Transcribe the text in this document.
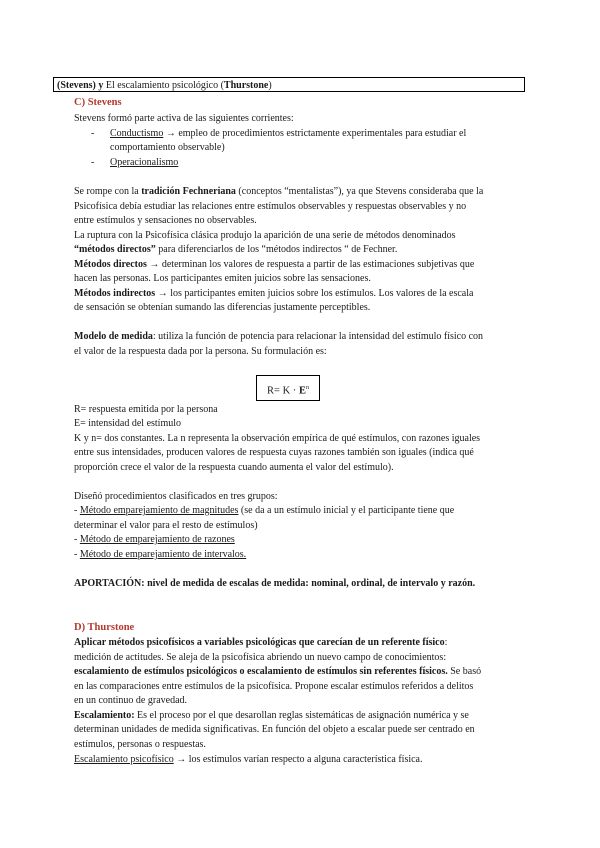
(Stevens) y El escalamiento psicológico (Thurstone)
C) Stevens
Stevens formó parte activa de las siguientes corrientes:
- Conductismo → empleo de procedimientos estrictamente experimentales para estudiar el
comportamiento observable)
- Operacionalismo
Se rompe con la tradición Fechneriana (conceptos “mentalistas”), ya que Stevens consideraba que la
Psicofísica debía estudiar las relaciones entre estímulos observables y respuestas observables y no
entre estímulos y sensaciones no observables.
La ruptura con la Psicofísica clásica produjo la aparición de una serie de métodos denominados
“métodos directos” para diferenciarlos de los “métodos indirectos “ de Fechner.
Métodos directos → determinan los valores de respuesta a partir de las estimaciones subjetivas que
hacen las personas. Los participantes emiten juicios sobre las sensaciones.
Métodos indirectos → los participantes emiten juicios sobre los estímulos. Los valores de la escala
de sensación se obtenían sumando las diferencias justamente perceptibles.
Modelo de medida: utiliza la función de potencia para relacionar la intensidad del estímulo físico con
el valor de la respuesta dada por la persona. Su formulación es:
$R= K \cdot E^n$
R= respuesta emitida por la persona
E= intensidad del estímulo
K y n= dos constantes. La n representa la observación empírica de qué estímulos, con razones iguales
entre sus intensidades, producen valores de respuesta cuyas razones también son iguales (indica qué
proporción crece el valor de la respuesta cuando aumenta el valor del estímulo).
Diseñó procedimientos clasificados en tres grupos:
- Método emparejamiento de magnitudes (se da a un estímulo inicial y el participante tiene que
determinar el valor para el resto de estímulos)
- Método de emparejamiento de razones
- Método de emparejamiento de intervalos.
APORTACIÓN: nivel de medida de escalas de medida: nominal, ordinal, de intervalo y razón.
D) Thurstone
Aplicar métodos psicofísicos a variables psicológicas que carecían de un referente físico:
medición de actitudes. Se aleja de la psicofísica abriendo un nuevo campo de conocimientos:
escalamiento de estímulos psicológicos o escalamiento de estímulos sin referentes físicos. Se basó
en las comparaciones entre estímulos de la psicofísica. Propone escalar estímulos referidos a delitos
en un continuo de gravedad.
Escalamiento: Es el proceso por el que desarollan reglas sistemáticas de asignación numérica y se
determinan unidades de medida significativas. En función del objeto a escalar puede ser centrado en
estímulos, personas o respuestas.
Escalamiento psicofísico → los estímulos varían respecto a alguna característica física.
